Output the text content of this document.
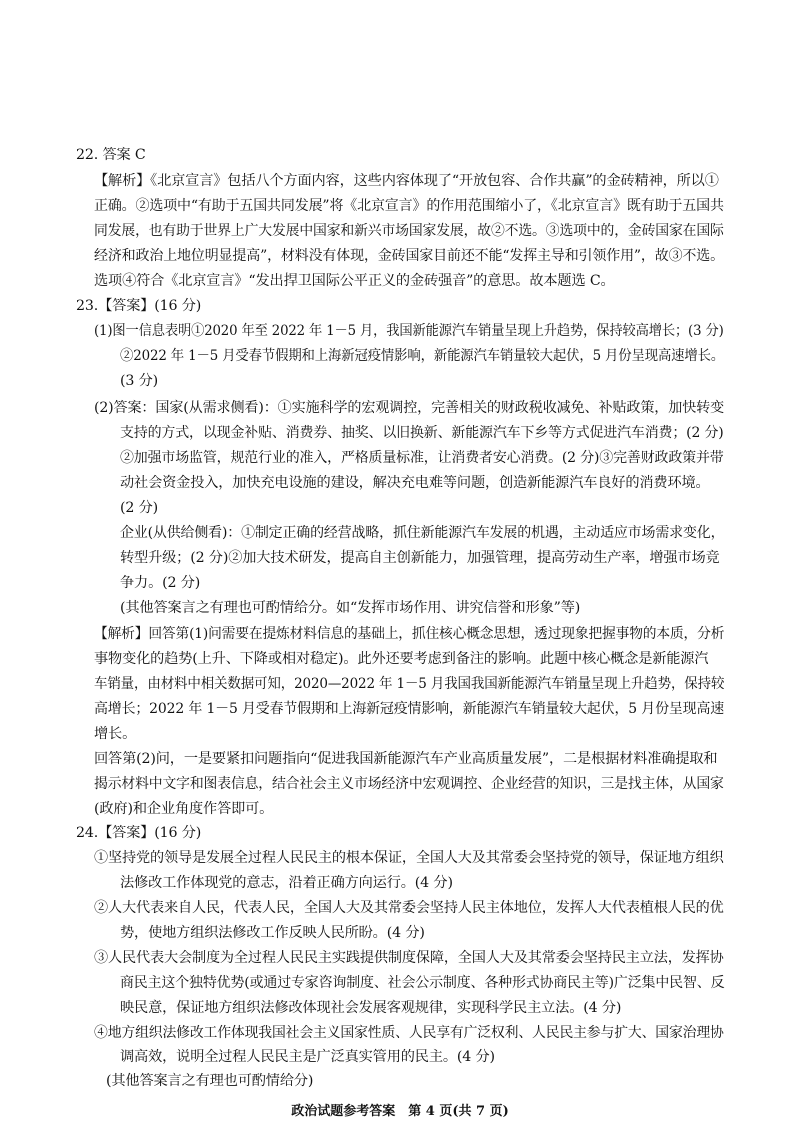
22. 答案 C
【解析】《北京宣言》包括八个方面内容，这些内容体现了“开放包容、合作共赢”的金砖精神，所以①
正确。②选项中“有助于五国共同发展”将《北京宣言》的作用范围缩小了，《北京宣言》既有助于五国共
同发展，也有助于世界上广大发展中国家和新兴市场国家发展，故②不选。③选项中的，金砖国家在国际
经济和政治上地位明显提高”，材料没有体现，金砖国家目前还不能“发挥主导和引领作用”，故③不选。
选项④符合《北京宣言》“发出捍卫国际公平正义的金砖强音”的意思。故本题选 C。
23.【答案】(16 分)
(1)图一信息表明①2020 年至 2022 年 1－5 月，我国新能源汽车销量呈现上升趋势，保持较高增长；(3 分)
②2022 年 1－5 月受春节假期和上海新冠疫情影响，新能源汽车销量较大起伏，5 月份呈现高速增长。
(3 分)
(2)答案：国家(从需求侧看)：①实施科学的宏观调控，完善相关的财政税收减免、补贴政策，加快转变
支持的方式，以现金补贴、消费券、抽奖、以旧换新、新能源汽车下乡等方式促进汽车消费；(2 分)
②加强市场监管，规范行业的准入，严格质量标准，让消费者安心消费。(2 分)③完善财政政策并带
动社会资金投入，加快充电设施的建设，解决充电难等问题，创造新能源汽车良好的消费环境。
(2 分)
企业(从供给侧看)：①制定正确的经营战略，抓住新能源汽车发展的机遇，主动适应市场需求变化，
转型升级；(2 分)②加大技术研发，提高自主创新能力，加强管理，提高劳动生产率，增强市场竞
争力。(2 分)
(其他答案言之有理也可酌情给分。如“发挥市场作用、讲究信誉和形象”等)
【解析】回答第(1)问需要在提炼材料信息的基础上，抓住核心概念思想，透过现象把握事物的本质，分析
事物变化的趋势(上升、下降或相对稳定)。此外还要考虑到备注的影响。此题中核心概念是新能源汽
车销量，由材料中相关数据可知，2020—2022 年 1－5 月我国我国新能源汽车销量呈现上升趋势，保持较
高增长；2022 年 1－5 月受春节假期和上海新冠疫情影响，新能源汽车销量较大起伏，5 月份呈现高速
增长。
回答第(2)问，一是要紧扣问题指向“促进我国新能源汽车产业高质量发展”，二是根据材料准确提取和
揭示材料中文字和图表信息，结合社会主义市场经济中宏观调控、企业经营的知识，三是找主体，从国家
(政府)和企业角度作答即可。
24.【答案】(16 分)
①坚持党的领导是发展全过程人民民主的根本保证，全国人大及其常委会坚持党的领导，保证地方组织
法修改工作体现党的意志，沿着正确方向运行。(4 分)
②人大代表来自人民，代表人民，全国人大及其常委会坚持人民主体地位，发挥人大代表植根人民的优
势，使地方组织法修改工作反映人民所盼。(4 分)
③人民代表大会制度为全过程人民民主实践提供制度保障，全国人大及其常委会坚持民主立法，发挥协
商民主这个独特优势(或通过专家咨询制度、社会公示制度、各种形式协商民主等)广泛集中民智、反
映民意，保证地方组织法修改体现社会发展客观规律，实现科学民主立法。(4 分)
④地方组织法修改工作体现我国社会主义国家性质、人民享有广泛权利、人民民主参与扩大、国家治理协
调高效，说明全过程人民民主是广泛真实管用的民主。(4 分)
(其他答案言之有理也可酌情给分)
政治试题参考答案　第 4 页(共 7 页)
